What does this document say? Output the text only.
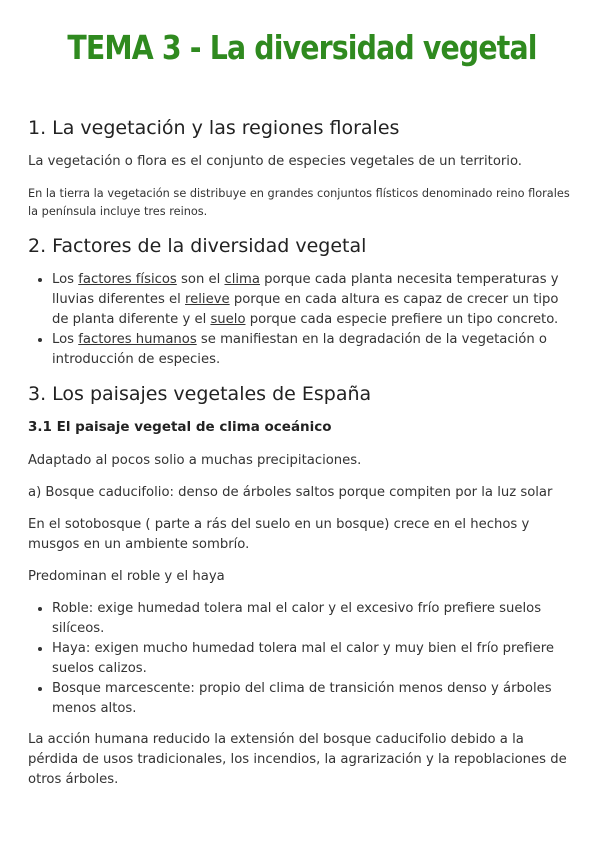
TEMA 3 - La diversidad vegetal
1. La vegetación y las regiones florales
La vegetación o flora es el conjunto de especies vegetales de un territorio.
En la tierra la vegetación se distribuye en grandes conjuntos flísticos denominado reino florales
la península incluye tres reinos.
2. Factores de la diversidad vegetal
• Los factores físicos son el clima porque cada planta necesita temperaturas y lluvias diferentes el relieve porque en cada altura es capaz de crecer un tipo de planta diferente y el suelo porque cada especie prefiere un tipo concreto.
• Los factores humanos se manifiestan en la degradación de la vegetación o introducción de especies.
3. Los paisajes vegetales de España
3.1 El paisaje vegetal de clima oceánico
Adaptado al pocos solio a muchas precipitaciones.
a) Bosque caducifolio: denso de árboles saltos porque compiten por la luz solar
En el sotobosque ( parte a rás del suelo en un bosque) crece en el hechos y musgos en un ambiente sombrío.
Predominan el roble y el haya
• Roble: exige humedad tolera mal el calor y el excesivo frío prefiere suelos silíceos.
• Haya: exigen mucho humedad tolera mal el calor y muy bien el frío prefiere suelos calizos.
• Bosque marcescente: propio del clima de transición menos denso y árboles menos altos.
La acción humana reducido la extensión del bosque caducifolio debido a la pérdida de usos tradicionales, los incendios, la agrarización y la repoblaciones de otros árboles.
